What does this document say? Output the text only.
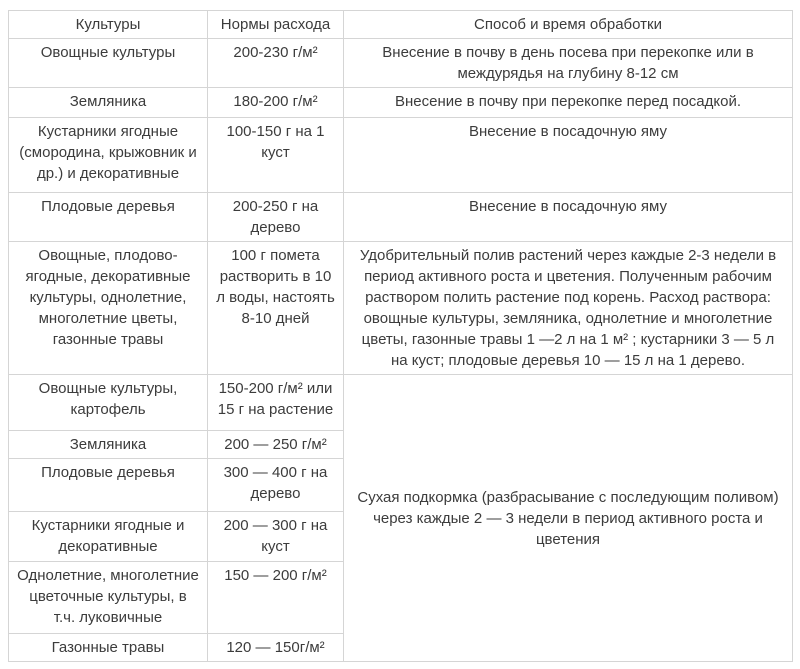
Культуры	Нормы расхода	Способ и время обработки
Овощные культуры	200-230 г/м²	Внесение в почву в день посева при перекопке или в междурядья на глубину 8-12 см
Земляника	180-200 г/м²	Внесение в почву при перекопке перед посадкой.
Кустарники ягодные (смородина, крыжовник и др.) и декоративные	100-150 г на 1 куст	Внесение в посадочную яму
Плодовые деревья	200-250 г на дерево	Внесение в посадочную яму
Овощные, плодово-ягодные, декоративные культуры, однолетние, многолетние цветы, газонные травы	100 г помета растворить в 10 л воды, настоять 8-10 дней	Удобрительный полив растений через каждые 2-3 недели в период активного роста и цветения. Полученным рабочим раствором полить растение под корень. Расход раствора: овощные культуры, земляника, однолетние и многолетние цветы, газонные травы 1 —2 л на 1 м² ; кустарники 3 — 5 л на куст; плодовые деревья 10 — 15 л на 1 дерево.
Овощные культуры, картофель	150-200 г/м² или 15 г на растение	Сухая подкормка (разбрасывание с последующим поливом) через каждые 2 — 3 недели в период активного роста и цветения
Земляника	200 — 250 г/м²	
Плодовые деревья	300 — 400 г на дерево	
Кустарники ягодные и декоративные	200 — 300 г на куст	
Однолетние, многолетние цветочные культуры, в т.ч. луковичные	150 — 200 г/м²	
Газонные травы	120 — 150г/м²	
